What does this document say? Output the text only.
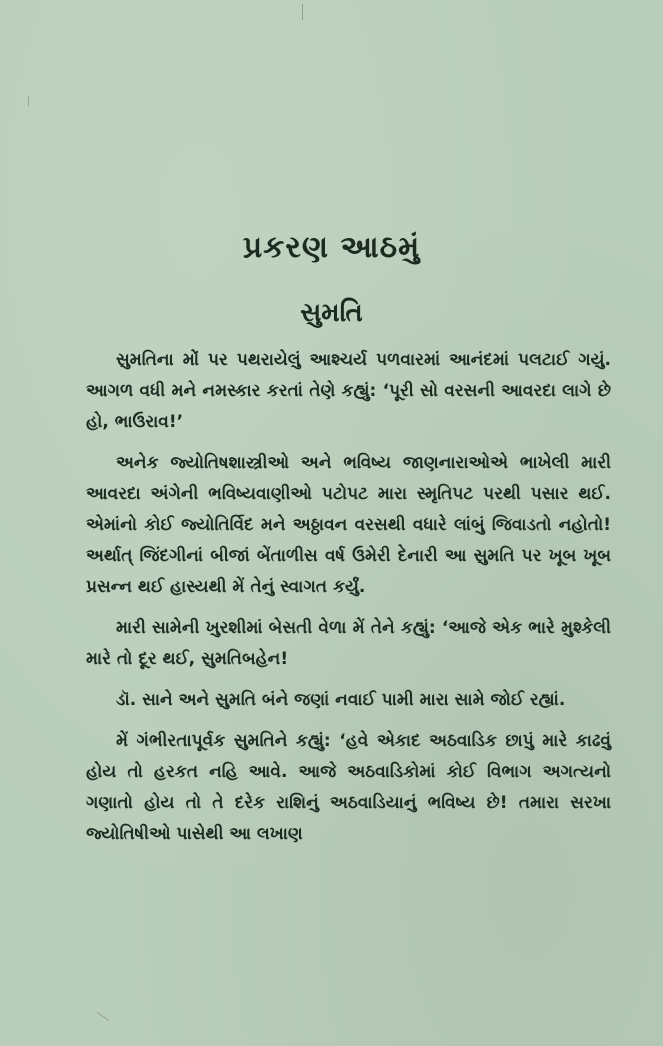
પ્રકરણ આઠમું
સુમતિ

સુમતિના મોં પર પથરાયેલું આશ્ચર્ય પળવારમાં આનંદમાં પલટાઈ ગયું. આગળ વધી મને નમસ્કાર કરતાં તેણે કહ્યું: ‘પૂરી સો વરસની આવરદા લાગે છે હો, ભાઉરાવ!’

અનેક જ્યોતિષશાસ્ત્રીઓ અને ભવિષ્ય જાણનારાઓએ ભાખેલી મારી આવરદા અંગેની ભવિષ્યવાણીઓ પટોપટ મારા સ્મૃતિપટ પરથી પસાર થઈ. એમાંનો કોઈ જ્યોતિર્વિદ મને અઠ્ઠાવન વરસથી વધારે લાંબું જિવાડતો નહોતો! અર્થાત્ જિંદગીનાં બીજાં બેંતાળીસ વર્ષ ઉમેરી દેનારી આ સુમતિ પર ખૂબ ખૂબ પ્રસન્ન થઈ હાસ્યથી મેં તેનું સ્વાગત કર્યું.

મારી સામેની ખુરશીમાં બેસતી વેળા મેં તેને કહ્યું: ‘આજે એક ભારે મુશ્કેલી મારે તો દૂર થઈ, સુમતિબહેન!

ડૉ. સાને અને સુમતિ બંને જણાં નવાઈ પામી મારા સામે જોઈ રહ્યાં.

મેં ગંભીરતાપૂર્વક સુમતિને કહ્યું: ‘હવે એકાદ અઠવાડિક છાપું મારે કાઢવું હોય તો હરકત નહિ આવે. આજે અઠવાડિકોમાં કોઈ વિભાગ અગત્યનો ગણાતો હોય તો તે દરેક રાશિનું અઠવાડિયાનું ભવિષ્ય છે! તમારા સરખા જ્યોતિષીઓ પાસેથી આ લખાણ
